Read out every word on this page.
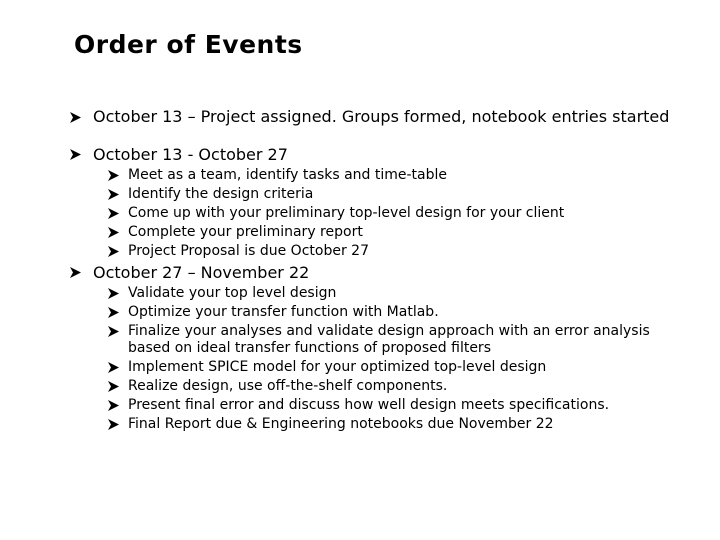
Order of Events
October 13 – Project assigned. Groups formed, notebook entries started
October 13 - October 27
Meet as a team, identify tasks and time-table
Identify the design criteria
Come up with your preliminary top-level design for your client
Complete your preliminary report
Project Proposal is due October 27
October 27 – November 22
Validate your top level design
Optimize your transfer function with Matlab.
Finalize your analyses and validate design approach with an error analysis based on ideal transfer functions of proposed filters
Implement SPICE model for your optimized top-level design
Realize design, use off-the-shelf components.
Present final error and discuss how well design meets specifications.
Final Report due & Engineering notebooks due November 22
